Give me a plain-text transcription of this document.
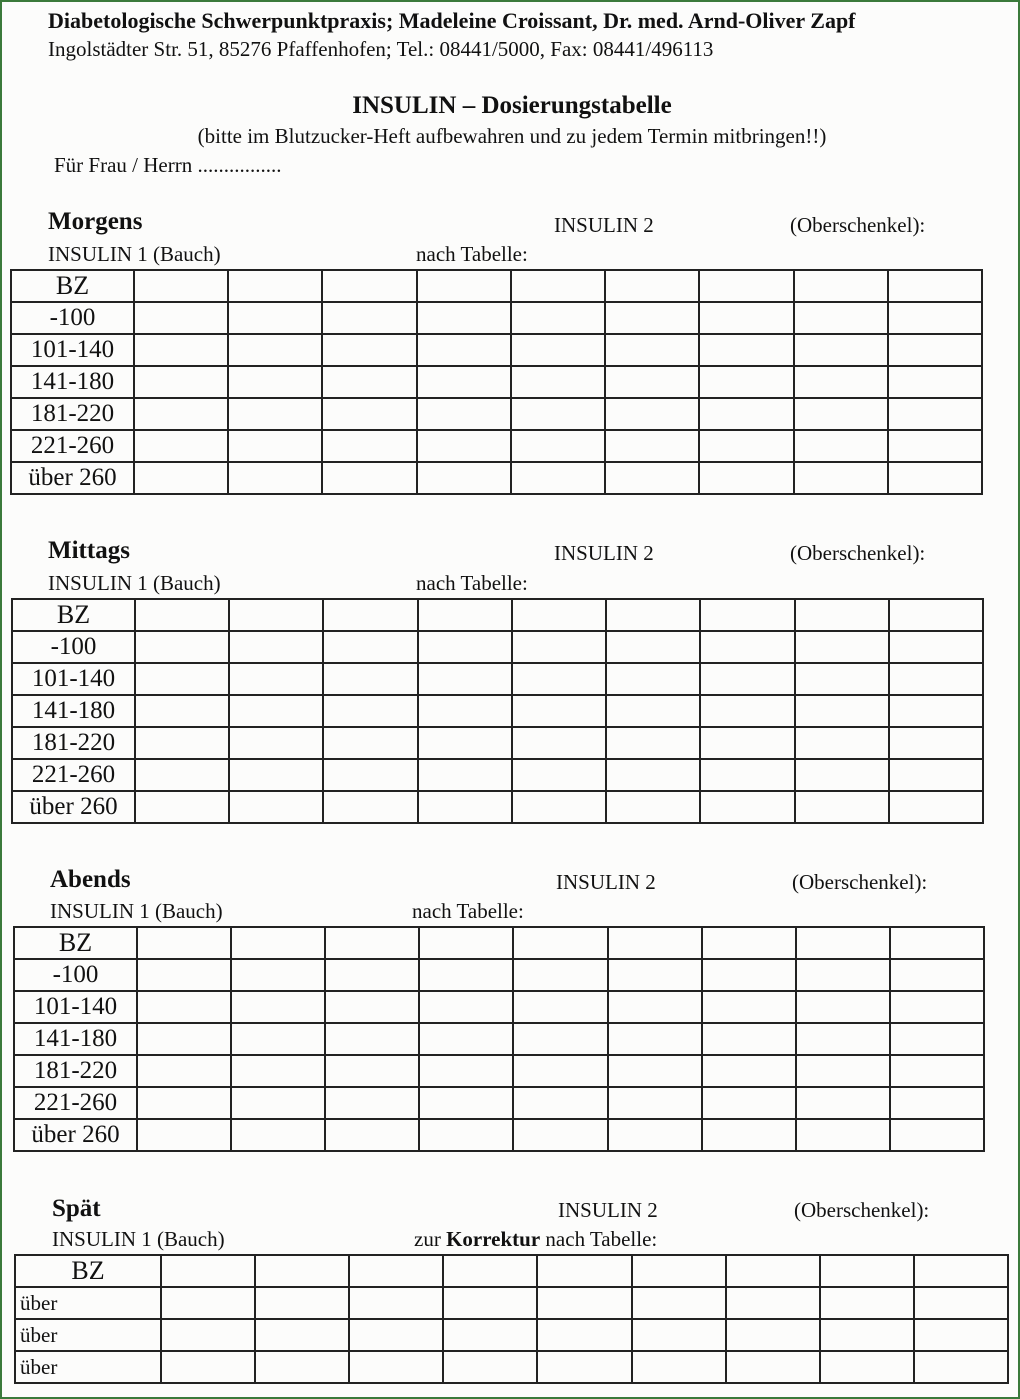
Diabetologische Schwerpunktpraxis; Madeleine Croissant, Dr. med. Arnd-Oliver Zapf
Ingolstädter Str. 51, 85276 Pfaffenhofen; Tel.: 08441/5000, Fax: 08441/496113
INSULIN – Dosierungstabelle
(bitte im Blutzucker-Heft aufbewahren und zu jedem Termin mitbringen!!)
Für Frau / Herrn ................
Morgens	INSULIN 2	(Oberschenkel):
INSULIN 1 (Bauch)	nach Tabelle:
BZ									
-100									
101-140									
141-180									
181-220									
221-260									
über 260									
Mittags	INSULIN 2	(Oberschenkel):
INSULIN 1 (Bauch)	nach Tabelle:
BZ									
-100									
101-140									
141-180									
181-220									
221-260									
über 260									
Abends	INSULIN 2	(Oberschenkel):
INSULIN 1 (Bauch)	nach Tabelle:
BZ									
-100									
101-140									
141-180									
181-220									
221-260									
über 260									
Spät	INSULIN 2	(Oberschenkel):
INSULIN 1 (Bauch)	zur Korrektur nach Tabelle:
BZ									
über									
über									
über									
